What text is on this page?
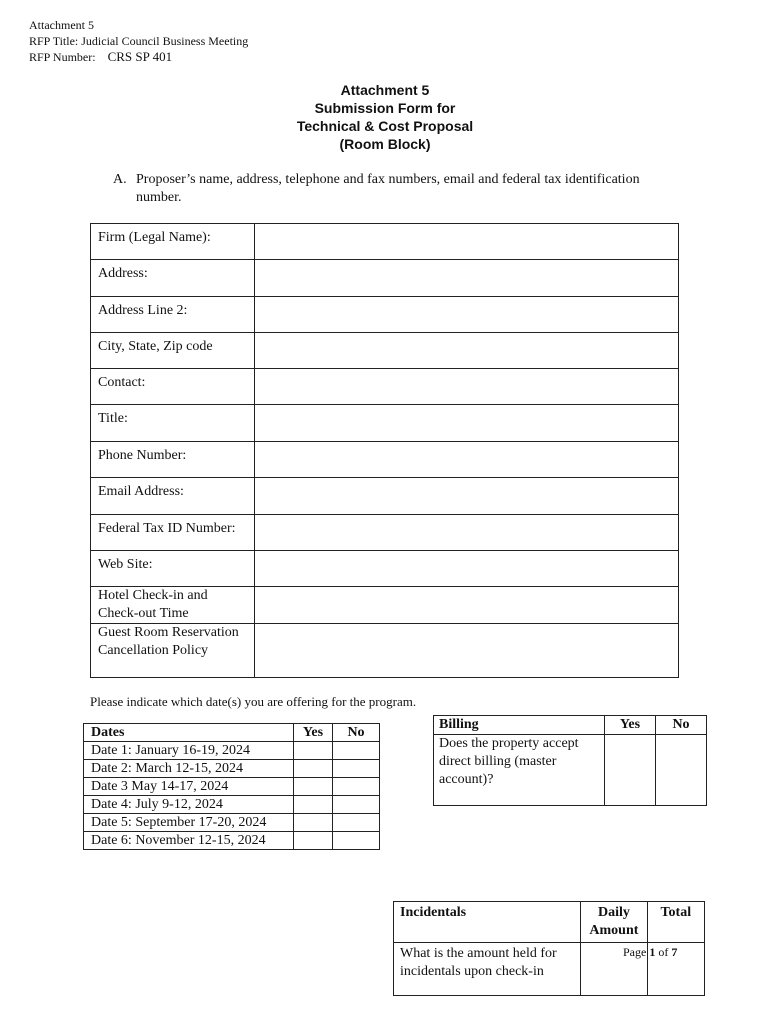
Attachment 5
RFP Title: Judicial Council Business Meeting
RFP Number: CRS SP 401
Attachment 5
Submission Form for
Technical & Cost Proposal
(Room Block)
A. Proposer’s name, address, telephone and fax numbers, email and federal tax identification number.
Firm (Legal Name):	
Address:	
Address Line 2:	
City, State, Zip code	
Contact:	
Title:	
Phone Number:	
Email Address:	
Federal Tax ID Number:	
Web Site:	
Hotel Check-in and Check-out Time	
Guest Room Reservation Cancellation Policy	
Please indicate which date(s) you are offering for the program.
Dates	Yes	No
Date 1: January 16-19, 2024		
Date 2: March 12-15, 2024		
Date 3 May 14-17, 2024		
Date 4: July 9-12, 2024		
Date 5: September 17-20, 2024		
Date 6: November 12-15, 2024		
Billing	Yes	No
Does the property accept direct billing (master account)?		
Incidentals	Daily Amount	Total
What is the amount held for incidentals upon check-in		
Page 1 of 7
